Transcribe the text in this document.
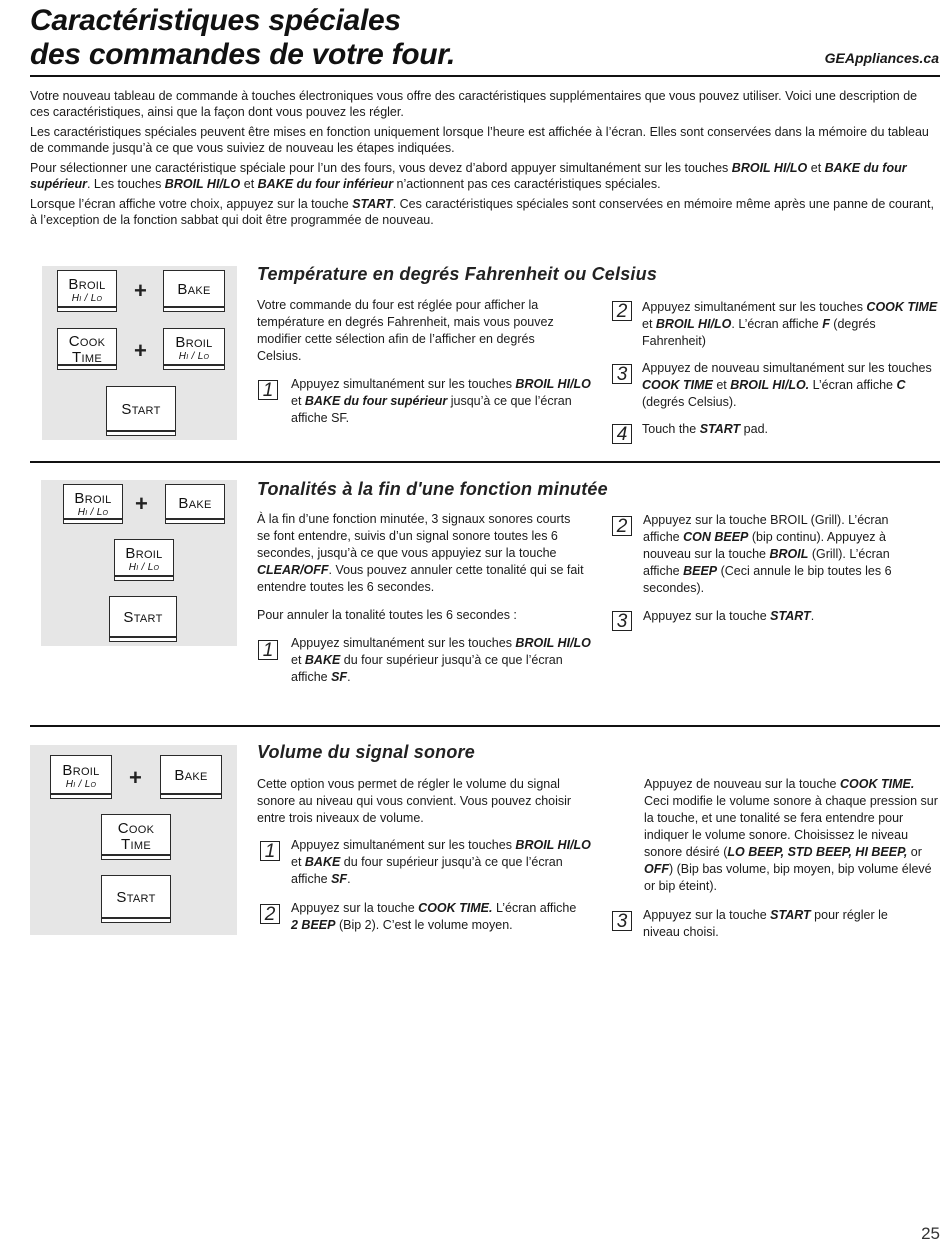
Caractéristiques spéciales
des commandes de votre four.	GEAppliances.ca

Votre nouveau tableau de commande à touches électroniques vous offre des caractéristiques supplémentaires que vous pouvez utiliser. Voici une description de ces caractéristiques, ainsi que la façon dont vous pouvez les régler.

Les caractéristiques spéciales peuvent être mises en fonction uniquement lorsque l’heure est affichée à l’écran. Elles sont conservées dans la mémoire du tableau de commande jusqu’à ce que vous suiviez de nouveau les étapes indiquées.

Pour sélectionner une caractéristique spéciale pour l’un des fours, vous devez d’abord appuyer simultanément sur les touches BROIL HI/LO et BAKE du four supérieur. Les touches BROIL HI/LO et BAKE du four inférieur n’actionnent pas ces caractéristiques spéciales.

Lorsque l’écran affiche votre choix, appuyez sur la touche START. Ces caractéristiques spéciales sont conservées en mémoire même après une panne de courant, à l’exception de la fonction sabbat qui doit être programmée de nouveau.

Broil
Hi / Lo	+	Bake
Cook
Time	+	Broil
Hi / Lo
Start
Température en degrés Fahrenheit ou Celsius
Votre commande du four est réglée pour afficher la température en degrés Fahrenheit, mais vous pouvez modifier cette sélection afin de l’afficher en degrés Celsius.
1	Appuyez simultanément sur les touches BROIL HI/LO et BAKE du four supérieur jusqu’à ce que l’écran affiche SF.
2	Appuyez simultanément sur les touches COOK TIME et BROIL HI/LO. L’écran affiche F (degrés Fahrenheit)
3	Appuyez de nouveau simultanément sur les touches COOK TIME et BROIL HI/LO. L’écran affiche C (degrés Celsius).
4	Touch the START pad.
Broil
Hi / Lo	+	Bake
Broil
Hi / Lo
Start
Tonalités à la fin d'une fonction minutée
À la fin d’une fonction minutée, 3 signaux sonores courts se font entendre, suivis d’un signal sonore toutes les 6 secondes, jusqu’à ce que vous appuyiez sur la touche CLEAR/OFF. Vous pouvez annuler cette tonalité qui se fait entendre toutes les 6 secondes.
Pour annuler la tonalité toutes les 6 secondes :
1	Appuyez simultanément sur les touches BROIL HI/LO et BAKE du four supérieur jusqu’à ce que l’écran affiche SF.
2	Appuyez sur la touche BROIL (Grill). L’écran affiche CON BEEP (bip continu). Appuyez à nouveau sur la touche BROIL (Grill). L’écran affiche BEEP (Ceci annule le bip toutes les 6 secondes).
3	Appuyez sur la touche START.
Broil
Hi / Lo	+	Bake
Cook
Time
Start
Volume du signal sonore
Cette option vous permet de régler le volume du signal sonore au niveau qui vous convient. Vous pouvez choisir entre trois niveaux de volume.
1	Appuyez simultanément sur les touches BROIL HI/LO et BAKE du four supérieur jusqu’à ce que l’écran affiche SF.
2	Appuyez sur la touche COOK TIME. L’écran affiche 2 BEEP (Bip 2). C’est le volume moyen.
Appuyez de nouveau sur la touche COOK TIME. Ceci modifie le volume sonore à chaque pression sur la touche, et une tonalité se fera entendre pour indiquer le volume sonore. Choisissez le niveau sonore désiré (LO BEEP, STD BEEP, HI BEEP, or OFF) (Bip bas volume, bip moyen, bip volume élevé or bip éteint).
3	Appuyez sur la touche START pour régler le niveau choisi.
25
